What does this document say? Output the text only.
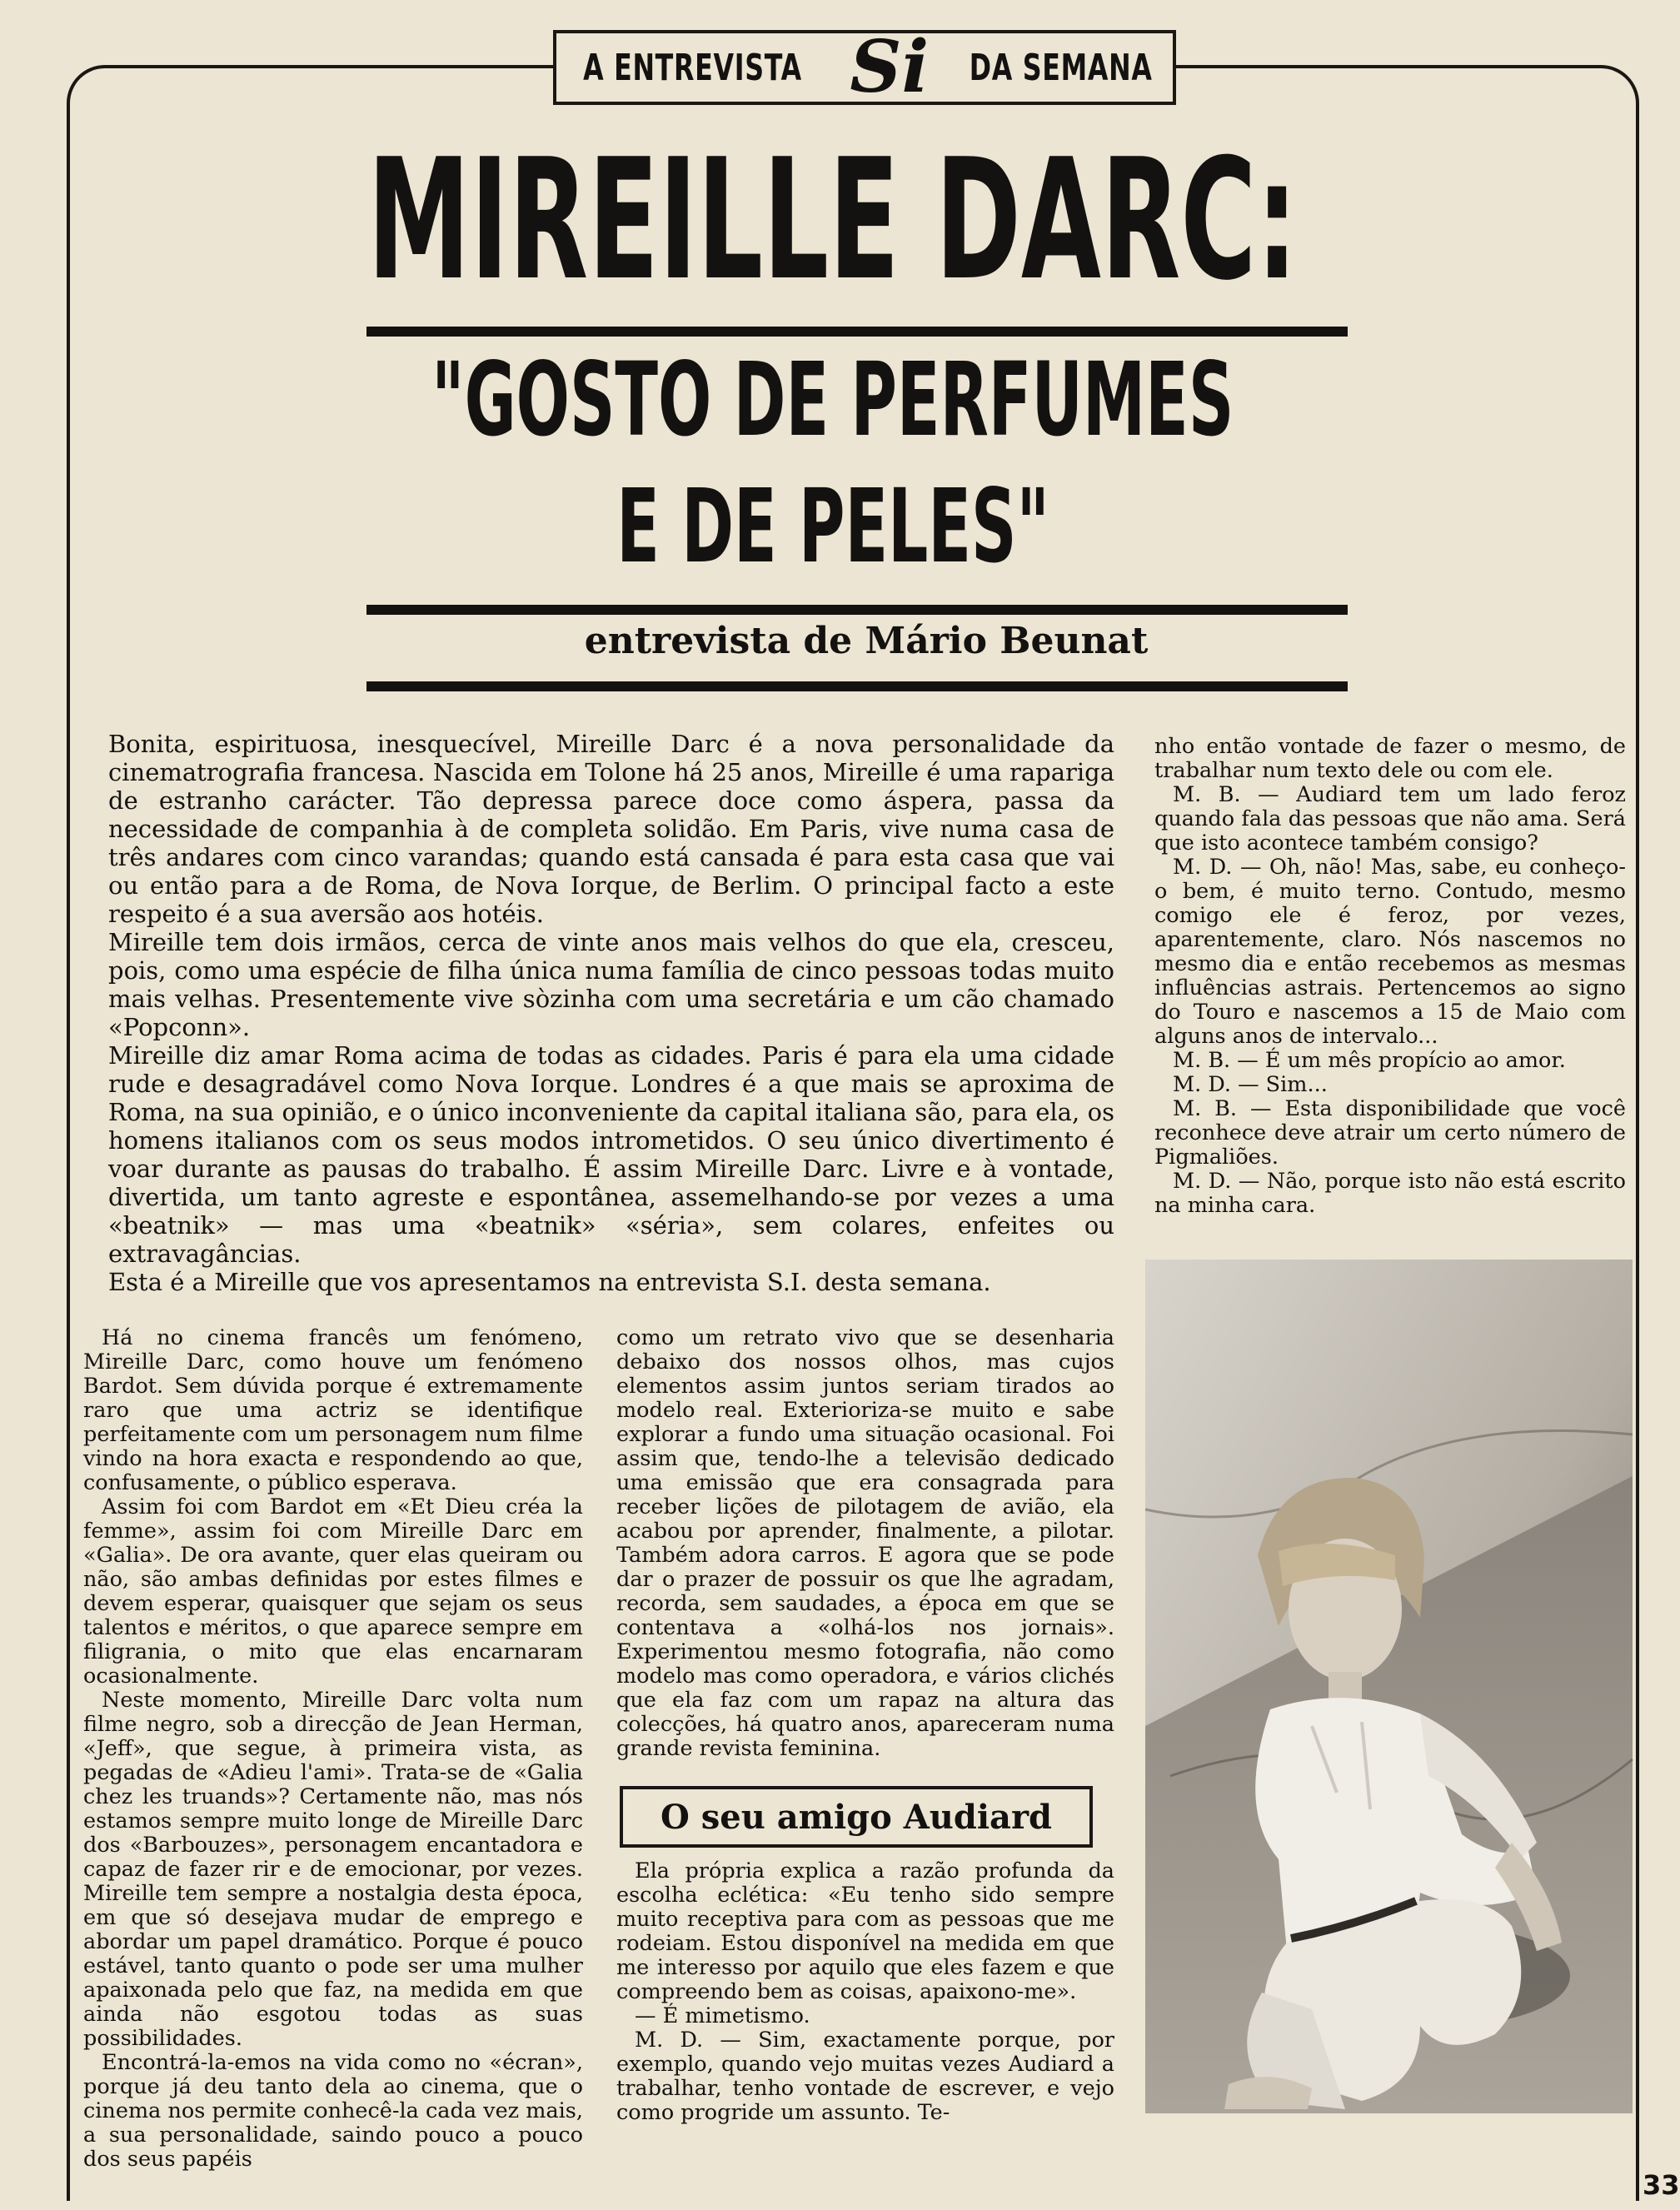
A ENTREVISTA Si DA SEMANA
MIREILLE DARC:
"GOSTO DE PERFUMES
E DE PELES"
entrevista de Mário Beunat

Bonita, espirituosa, inesquecível, Mireille Darc é a nova personalidade da cinematrografia francesa. Nascida em Tolone há 25 anos, Mireille é uma rapariga de estranho carácter. Tão depressa parece doce como áspera, passa da necessidade de companhia à de completa solidão. Em Paris, vive numa casa de três andares com cinco varandas; quando está cansada é para esta casa que vai ou então para a de Roma, de Nova Iorque, de Berlim. O principal facto a este respeito é a sua aversão aos hotéis.

Mireille tem dois irmãos, cerca de vinte anos mais velhos do que ela, cresceu, pois, como uma espécie de filha única numa família de cinco pessoas todas muito mais velhas. Presentemente vive sòzinha com uma secretária e um cão chamado «Popconn».

Mireille diz amar Roma acima de todas as cidades. Paris é para ela uma cidade rude e desagradável como Nova Iorque. Londres é a que mais se aproxima de Roma, na sua opinião, e o único inconveniente da capital italiana são, para ela, os homens italianos com os seus modos intrometidos. O seu único divertimento é voar durante as pausas do trabalho. É assim Mireille Darc. Livre e à vontade, divertida, um tanto agreste e espontânea, assemelhando-se por vezes a uma «beatnik» — mas uma «beatnik» «séria», sem colares, enfeites ou extravagâncias.

Esta é a Mireille que vos apresentamos na entrevista S.I. desta semana.

nho então vontade de fazer o mesmo, de trabalhar num texto dele ou com ele.

M. B. — Audiard tem um lado feroz quando fala das pessoas que não ama. Será que isto acontece também consigo?

M. D. — Oh, não! Mas, sabe, eu conheço-o bem, é muito terno. Contudo, mesmo comigo ele é feroz, por vezes, aparentemente, claro. Nós nascemos no mesmo dia e então recebemos as mesmas influências astrais. Pertencemos ao signo do Touro e nascemos a 15 de Maio com alguns anos de intervalo...

M. B. — É um mês propício ao amor.

M. D. — Sim...

M. B. — Esta disponibilidade que você reconhece deve atrair um certo número de Pigmaliões.

M. D. — Não, porque isto não está escrito na minha cara.

Há no cinema francês um fenómeno, Mireille Darc, como houve um fenómeno Bardot. Sem dúvida porque é extremamente raro que uma actriz se identifique perfeitamente com um personagem num filme vindo na hora exacta e respondendo ao que, confusamente, o público esperava.

Assim foi com Bardot em «Et Dieu créa la femme», assim foi com Mireille Darc em «Galia». De ora avante, quer elas queiram ou não, são ambas definidas por estes filmes e devem esperar, quaisquer que sejam os seus talentos e méritos, o que aparece sempre em filigrania, o mito que elas encarnaram ocasionalmente.

Neste momento, Mireille Darc volta num filme negro, sob a direcção de Jean Herman, «Jeff», que segue, à primeira vista, as pegadas de «Adieu l'ami». Trata-se de «Galia chez les truands»? Certamente não, mas nós estamos sempre muito longe de Mireille Darc dos «Barbouzes», personagem encantadora e capaz de fazer rir e de emocionar, por vezes. Mireille tem sempre a nostalgia desta época, em que só desejava mudar de emprego e abordar um papel dramático. Porque é pouco estável, tanto quanto o pode ser uma mulher apaixonada pelo que faz, na medida em que ainda não esgotou todas as suas possibilidades.

Encontrá-la-emos na vida como no «écran», porque já deu tanto dela ao cinema, que o cinema nos permite conhecê-la cada vez mais, a sua personalidade, saindo pouco a pouco dos seus papéis

como um retrato vivo que se desenharia debaixo dos nossos olhos, mas cujos elementos assim juntos seriam tirados ao modelo real. Exterioriza-se muito e sabe explorar a fundo uma situação ocasional. Foi assim que, tendo-lhe a televisão dedicado uma emissão que era consagrada para receber lições de pilotagem de avião, ela acabou por aprender, finalmente, a pilotar. Também adora carros. E agora que se pode dar o prazer de possuir os que lhe agradam, recorda, sem saudades, a época em que se contentava a «olhá-los nos jornais». Experimentou mesmo fotografia, não como modelo mas como operadora, e vários clichés que ela faz com um rapaz na altura das colecções, há quatro anos, apareceram numa grande revista feminina.

O seu amigo Audiard

Ela própria explica a razão profunda da escolha eclética: «Eu tenho sido sempre muito receptiva para com as pessoas que me rodeiam. Estou disponível na medida em que me interesso por aquilo que eles fazem e que compreendo bem as coisas, apaixono-me».

— É mimetismo.

M. D. — Sim, exactamente porque, por exemplo, quando vejo muitas vezes Audiard a trabalhar, tenho vontade de escrever, e vejo como progride um assunto. Te-

33
